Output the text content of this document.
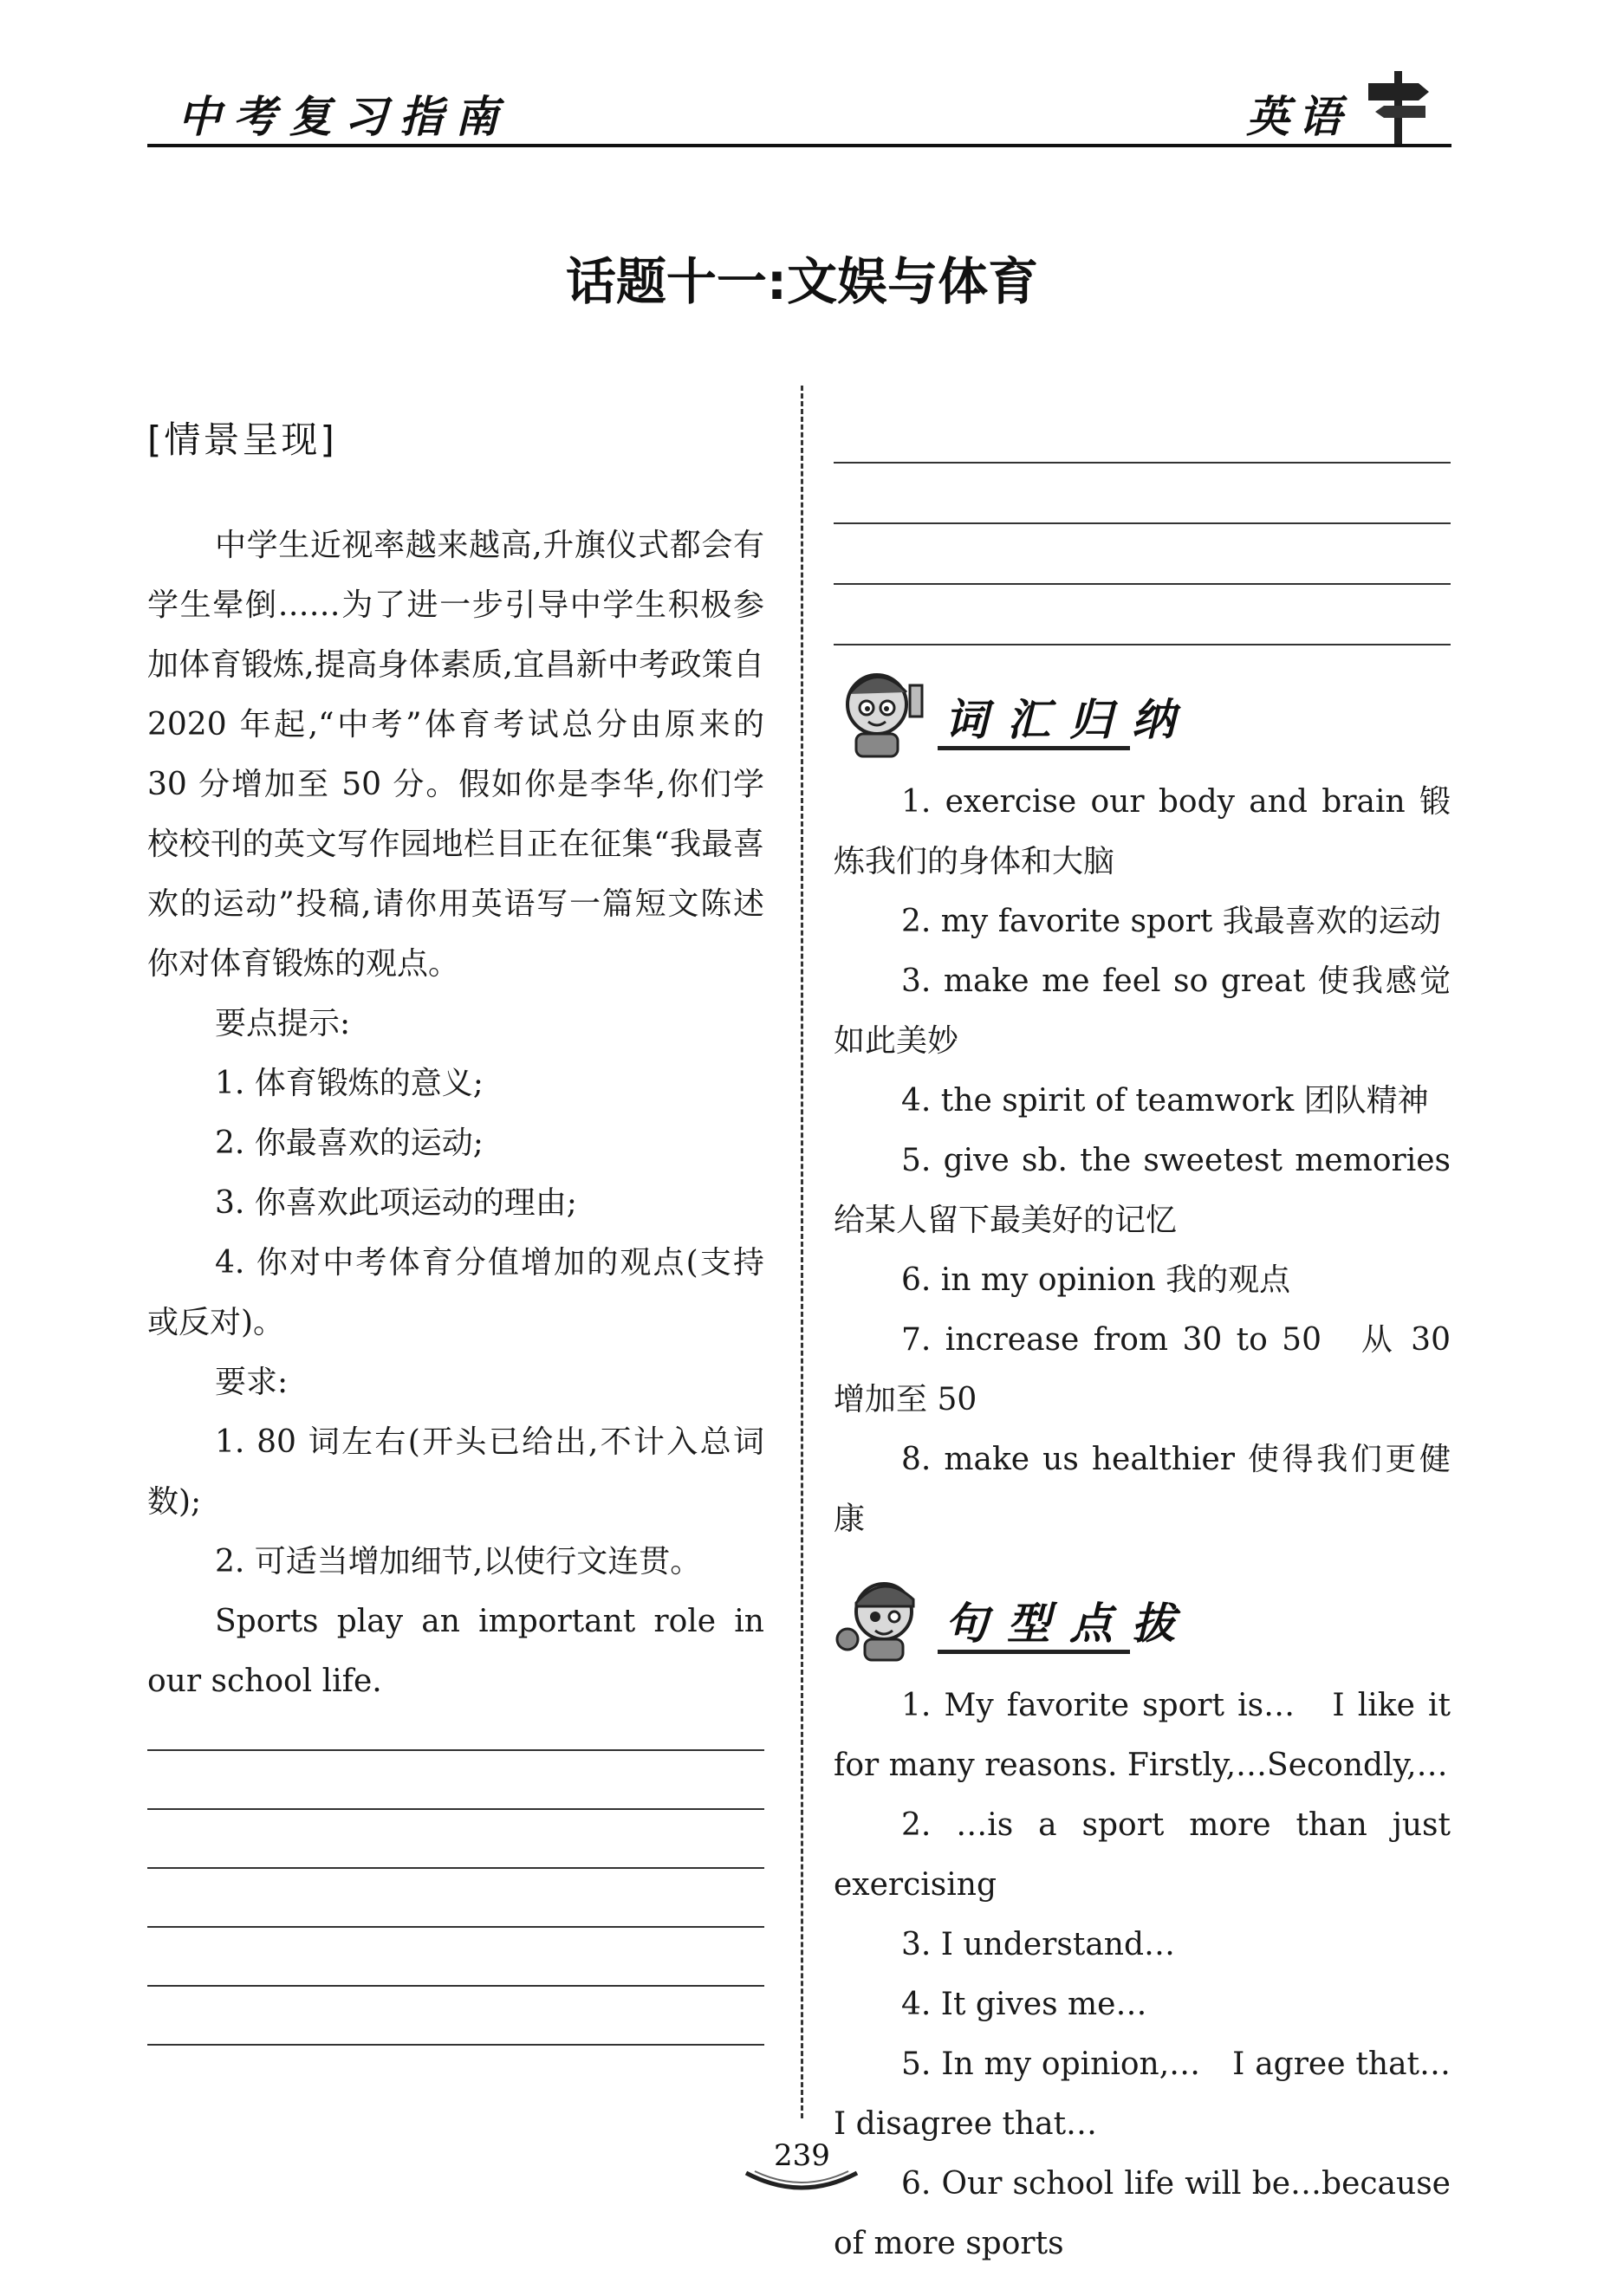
中考复习指南	英语
话题十一:文娱与体育
[情景呈现]

中学生近视率越来越高,升旗仪式都会有学生晕倒……为了进一步引导中学生积极参加体育锻炼,提高身体素质,宜昌新中考政策自 2020 年起,“中考”体育考试总分由原来的 30 分增加至 50 分。假如你是李华,你们学校校刊的英文写作园地栏目正在征集“我最喜欢的运动”投稿,请你用英语写一篇短文陈述你对体育锻炼的观点。

要点提示:

1. 体育锻炼的意义;

2. 你最喜欢的运动;

3. 你喜欢此项运动的理由;

4. 你对中考体育分值增加的观点(支持或反对)。

要求:

1. 80 词左右(开头已给出,不计入总词数);

2. 可适当增加细节,以使行文连贯。

Sports play an important role in our school life.

词汇归纳

1. exercise our body and brain 锻炼我们的身体和大脑

2. my favorite sport 我最喜欢的运动

3. make me feel so great 使我感觉如此美妙

4. the spirit of teamwork 团队精神

5. give sb. the sweetest memories 给某人留下最美好的记忆

6. in my opinion 我的观点

7. increase from 30 to 50　从 30 增加至 50

8. make us healthier 使得我们更健康

句型点拔

1. My favorite sport is…　I like it for many reasons. Firstly,…Secondly,…

2. …is a sport more than just exercising

3. I understand…

4. It gives me…

5. In my opinion,…　I agree that… I disagree that…

6. Our school life will be…because of more sports

239
